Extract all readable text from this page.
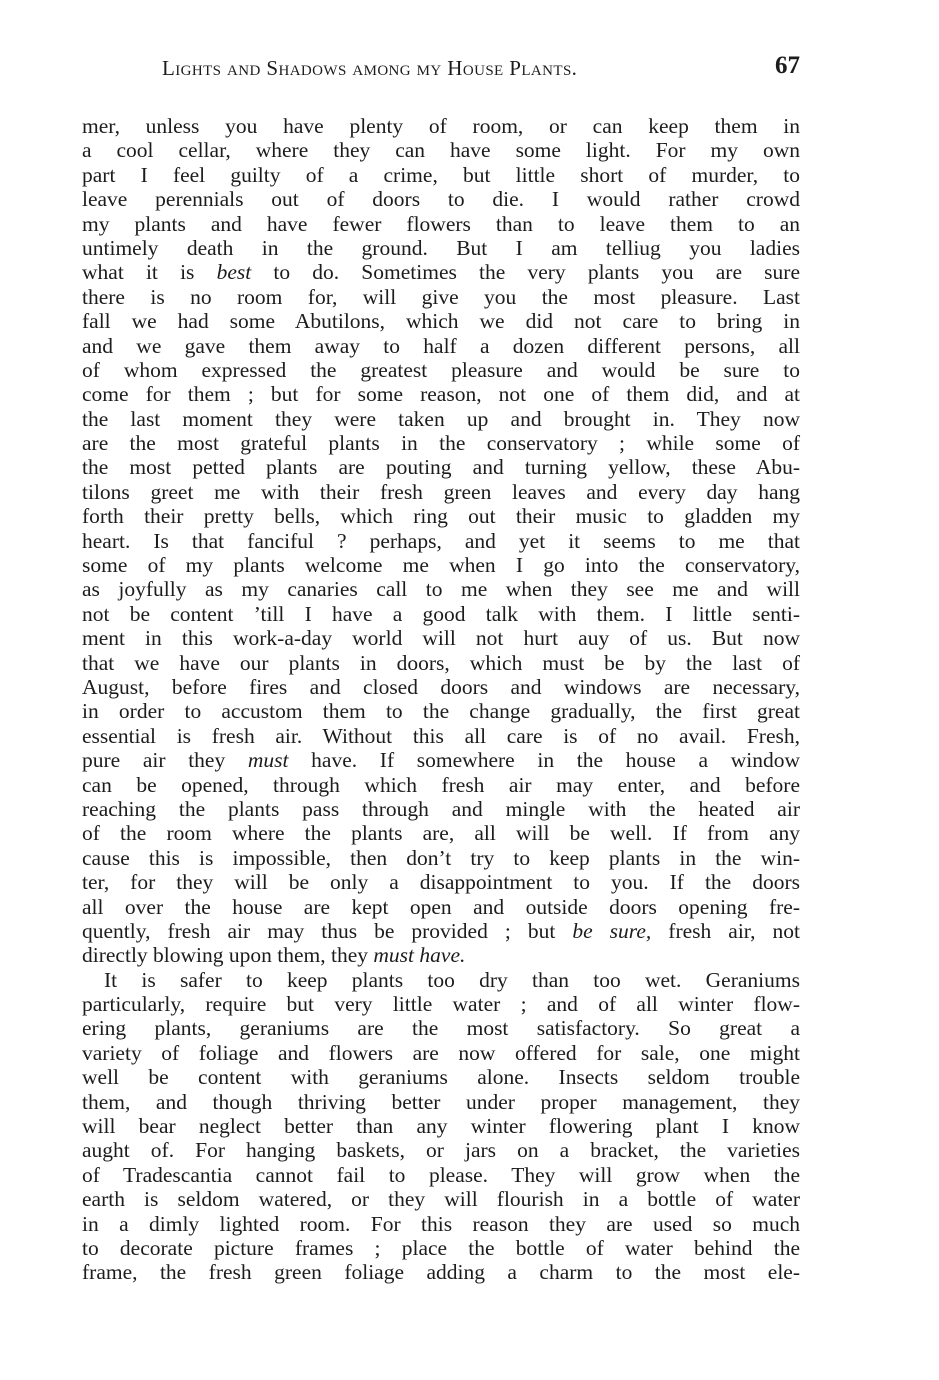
Lights and Shadows among my House Plants.	67
mer, unless you have plenty of room, or can keep them in
a cool cellar, where they can have some light. For my own
part I feel guilty of a crime, but little short of murder, to
leave perennials out of doors to die. I would rather crowd
my plants and have fewer flowers than to leave them to an
untimely death in the ground. But I am telliug you ladies
what it is best to do. Sometimes the very plants you are sure
there is no room for, will give you the most pleasure. Last
fall we had some Abutilons, which we did not care to bring in
and we gave them away to half a dozen different persons, all
of whom expressed the greatest pleasure and would be sure to
come for them ; but for some reason, not one of them did, and at
the last moment they were taken up and brought in. They now
are the most grateful plants in the conservatory ; while some of
the most petted plants are pouting and turning yellow, these Abu-
tilons greet me with their fresh green leaves and every day hang
forth their pretty bells, which ring out their music to gladden my
heart. Is that fanciful ? perhaps, and yet it seems to me that
some of my plants welcome me when I go into the conservatory,
as joyfully as my canaries call to me when they see me and will
not be content ’till I have a good talk with them. I little senti-
ment in this work-a-day world will not hurt auy of us. But now
that we have our plants in doors, which must be by the last of
August, before fires and closed doors and windows are necessary,
in order to accustom them to the change gradually, the first great
essential is fresh air. Without this all care is of no avail. Fresh,
pure air they must have. If somewhere in the house a window
can be opened, through which fresh air may enter, and before
reaching the plants pass through and mingle with the heated air
of the room where the plants are, all will be well. If from any
cause this is impossible, then don’t try to keep plants in the win-
ter, for they will be only a disappointment to you. If the doors
all over the house are kept open and outside doors opening fre-
quently, fresh air may thus be provided ; but be sure, fresh air, not
directly blowing upon them, they must have.
It is safer to keep plants too dry than too wet. Geraniums
particularly, require but very little water ; and of all winter flow-
ering plants, geraniums are the most satisfactory. So great a
variety of foliage and flowers are now offered for sale, one might
well be content with geraniums alone. Insects seldom trouble
them, and though thriving better under proper management, they
will bear neglect better than any winter flowering plant I know
aught of. For hanging baskets, or jars on a bracket, the varieties
of Tradescantia cannot fail to please. They will grow when the
earth is seldom watered, or they will flourish in a bottle of water
in a dimly lighted room. For this reason they are used so much
to decorate picture frames ; place the bottle of water behind the
frame, the fresh green foliage adding a charm to the most ele-
